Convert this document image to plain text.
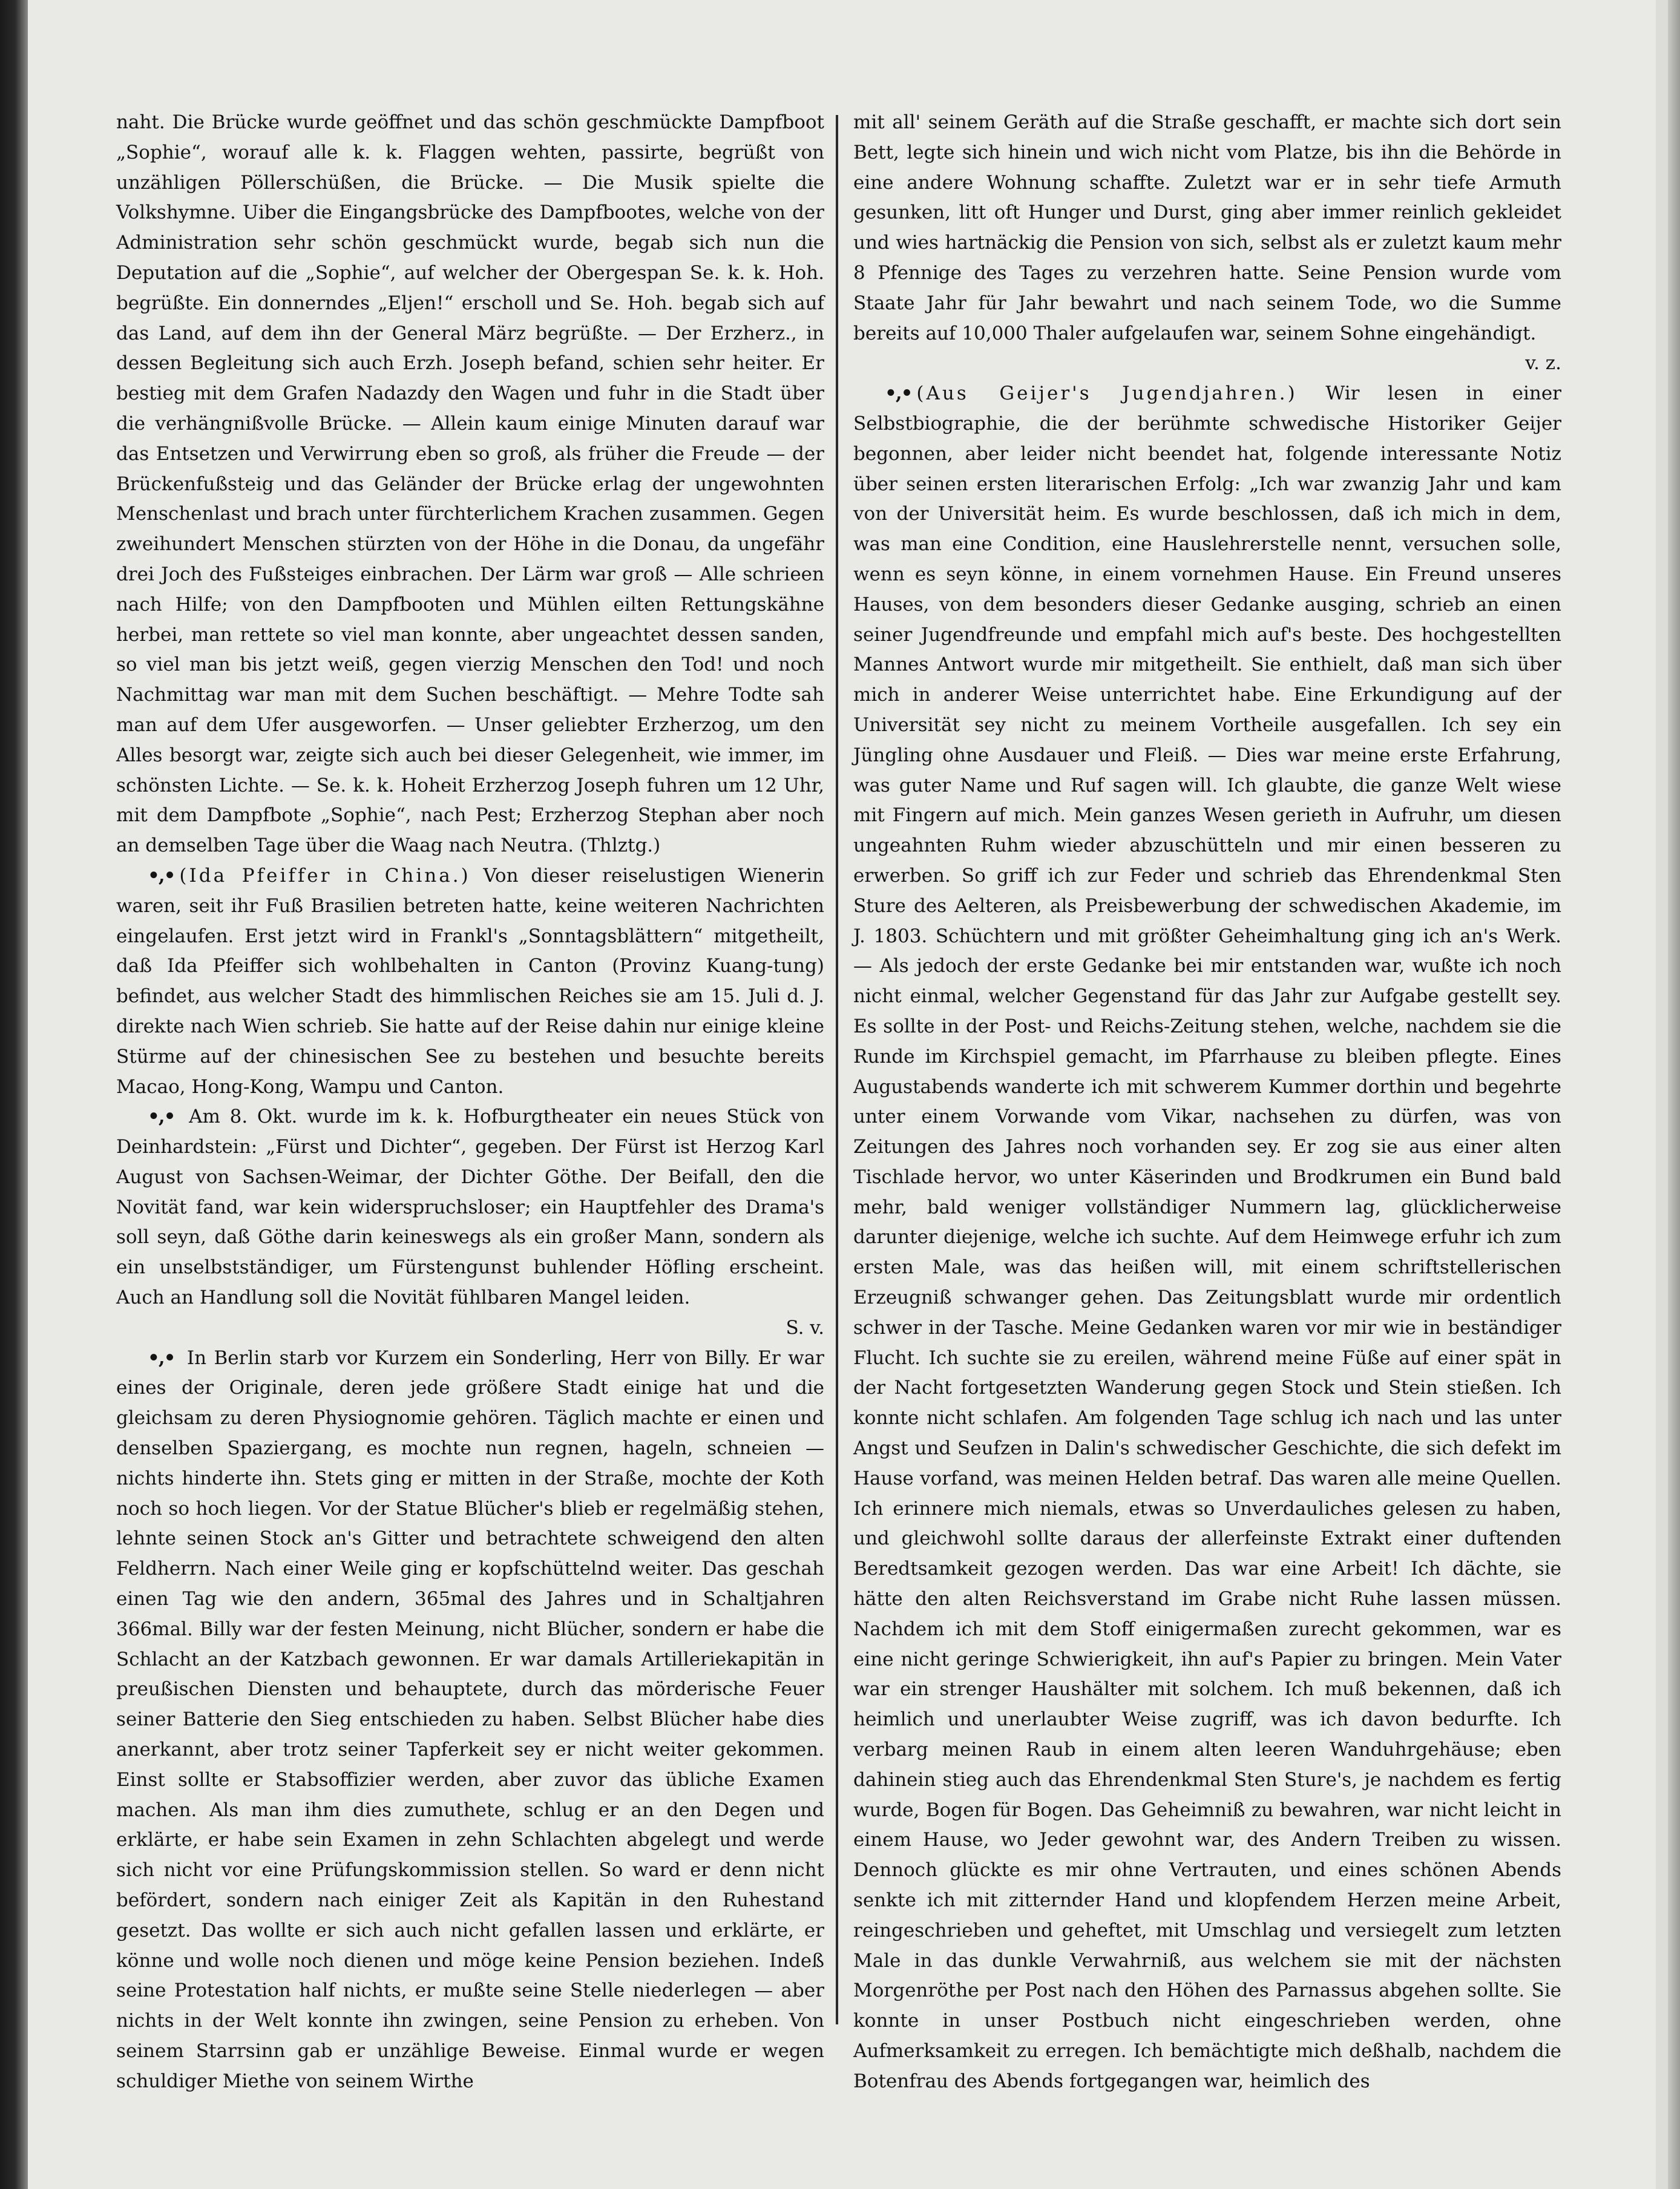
naht. Die Brücke wurde geöffnet und das schön geschmückte Dampfboot „Sophie“, worauf alle k. k. Flaggen wehten, passirte, begrüßt von unzähligen Pöllerschüßen, die Brücke. — Die Musik spielte die Volkshymne. Uiber die Eingangsbrücke des Dampfbootes, welche von der Administration sehr schön geschmückt wurde, begab sich nun die Deputation auf die „Sophie“, auf welcher der Obergespan Se. k. k. Hoh. begrüßte. Ein donnerndes „Eljen!“ erscholl und Se. Hoh. begab sich auf das Land, auf dem ihn der General März begrüßte. — Der Erzherz., in dessen Begleitung sich auch Erzh. Joseph befand, schien sehr heiter. Er bestieg mit dem Grafen Nadazdy den Wagen und fuhr in die Stadt über die verhängnißvolle Brücke. — Allein kaum einige Minuten darauf war das Entsetzen und Verwirrung eben so groß, als früher die Freude — der Brückenfußsteig und das Geländer der Brücke erlag der ungewohnten Menschenlast und brach unter fürchterlichem Krachen zusammen. Gegen zweihundert Menschen stürzten von der Höhe in die Donau, da ungefähr drei Joch des Fußsteiges einbrachen. Der Lärm war groß — Alle schrieen nach Hilfe; von den Dampfbooten und Mühlen eilten Rettungskähne herbei, man rettete so viel man konnte, aber ungeachtet dessen sanden, so viel man bis jetzt weiß, gegen vierzig Menschen den Tod! und noch Nachmittag war man mit dem Suchen beschäftigt. — Mehre Todte sah man auf dem Ufer ausgeworfen. — Unser geliebter Erzherzog, um den Alles besorgt war, zeigte sich auch bei dieser Gelegenheit, wie immer, im schönsten Lichte. — Se. k. k. Hoheit Erzherzog Joseph fuhren um 12 Uhr, mit dem Dampfbote „Sophie“, nach Pest; Erzherzog Stephan aber noch an demselben Tage über die Waag nach Neutra. (Thlztg.)

•,• (Ida Pfeiffer in China.) Von dieser reiselustigen Wienerin waren, seit ihr Fuß Brasilien betreten hatte, keine weiteren Nachrichten eingelaufen. Erst jetzt wird in Frankl's „Sonntagsblättern“ mitgetheilt, daß Ida Pfeiffer sich wohlbehalten in Canton (Provinz Kuang-tung) befindet, aus welcher Stadt des himmlischen Reiches sie am 15. Juli d. J. direkte nach Wien schrieb. Sie hatte auf der Reise dahin nur einige kleine Stürme auf der chinesischen See zu bestehen und besuchte bereits Macao, Hong-Kong, Wampu und Canton.

•,• Am 8. Okt. wurde im k. k. Hofburgtheater ein neues Stück von Deinhardstein: „Fürst und Dichter“, gegeben. Der Fürst ist Herzog Karl August von Sachsen-Weimar, der Dichter Göthe. Der Beifall, den die Novität fand, war kein widerspruchsloser; ein Hauptfehler des Drama's soll seyn, daß Göthe darin keineswegs als ein großer Mann, sondern als ein unselbstständiger, um Fürstengunst buhlender Höfling erscheint. Auch an Handlung soll die Novität fühlbaren Mangel leiden.
S. v.

•,• In Berlin starb vor Kurzem ein Sonderling, Herr von Billy. Er war eines der Originale, deren jede größere Stadt einige hat und die gleichsam zu deren Physiognomie gehören. Täglich machte er einen und denselben Spaziergang, es mochte nun regnen, hageln, schneien — nichts hinderte ihn. Stets ging er mitten in der Straße, mochte der Koth noch so hoch liegen. Vor der Statue Blücher's blieb er regelmäßig stehen, lehnte seinen Stock an's Gitter und betrachtete schweigend den alten Feldherrn. Nach einer Weile ging er kopfschüttelnd weiter. Das geschah einen Tag wie den andern, 365mal des Jahres und in Schaltjahren 366mal. Billy war der festen Meinung, nicht Blücher, sondern er habe die Schlacht an der Katzbach gewonnen. Er war damals Artilleriekapitän in preußischen Diensten und behauptete, durch das mörderische Feuer seiner Batterie den Sieg entschieden zu haben. Selbst Blücher habe dies anerkannt, aber trotz seiner Tapferkeit sey er nicht weiter gekommen. Einst sollte er Stabsoffizier werden, aber zuvor das übliche Examen machen. Als man ihm dies zumuthete, schlug er an den Degen und erklärte, er habe sein Examen in zehn Schlachten abgelegt und werde sich nicht vor eine Prüfungskommission stellen. So ward er denn nicht befördert, sondern nach einiger Zeit als Kapitän in den Ruhestand gesetzt. Das wollte er sich auch nicht gefallen lassen und erklärte, er könne und wolle noch dienen und möge keine Pension beziehen. Indeß seine Protestation half nichts, er mußte seine Stelle niederlegen — aber nichts in der Welt konnte ihn zwingen, seine Pension zu erheben. Von seinem Starrsinn gab er unzählige Beweise. Einmal wurde er wegen schuldiger Miethe von seinem Wirthe

mit all' seinem Geräth auf die Straße geschafft, er machte sich dort sein Bett, legte sich hinein und wich nicht vom Platze, bis ihn die Behörde in eine andere Wohnung schaffte. Zuletzt war er in sehr tiefe Armuth gesunken, litt oft Hunger und Durst, ging aber immer reinlich gekleidet und wies hartnäckig die Pension von sich, selbst als er zuletzt kaum mehr 8 Pfennige des Tages zu verzehren hatte. Seine Pension wurde vom Staate Jahr für Jahr bewahrt und nach seinem Tode, wo die Summe bereits auf 10,000 Thaler aufgelaufen war, seinem Sohne eingehändigt.
v. z.

•,• (Aus Geijer's Jugendjahren.) Wir lesen in einer Selbstbiographie, die der berühmte schwedische Historiker Geijer begonnen, aber leider nicht beendet hat, folgende interessante Notiz über seinen ersten literarischen Erfolg: „Ich war zwanzig Jahr und kam von der Universität heim. Es wurde beschlossen, daß ich mich in dem, was man eine Condition, eine Hauslehrerstelle nennt, versuchen solle, wenn es seyn könne, in einem vornehmen Hause. Ein Freund unseres Hauses, von dem besonders dieser Gedanke ausging, schrieb an einen seiner Jugendfreunde und empfahl mich auf's beste. Des hochgestellten Mannes Antwort wurde mir mitgetheilt. Sie enthielt, daß man sich über mich in anderer Weise unterrichtet habe. Eine Erkundigung auf der Universität sey nicht zu meinem Vortheile ausgefallen. Ich sey ein Jüngling ohne Ausdauer und Fleiß. — Dies war meine erste Erfahrung, was guter Name und Ruf sagen will. Ich glaubte, die ganze Welt wiese mit Fingern auf mich. Mein ganzes Wesen gerieth in Aufruhr, um diesen ungeahnten Ruhm wieder abzuschütteln und mir einen besseren zu erwerben. So griff ich zur Feder und schrieb das Ehrendenkmal Sten Sture des Aelteren, als Preisbewerbung der schwedischen Akademie, im J. 1803. Schüchtern und mit größter Geheimhaltung ging ich an's Werk. — Als jedoch der erste Gedanke bei mir entstanden war, wußte ich noch nicht einmal, welcher Gegenstand für das Jahr zur Aufgabe gestellt sey. Es sollte in der Post- und Reichs-Zeitung stehen, welche, nachdem sie die Runde im Kirchspiel gemacht, im Pfarrhause zu bleiben pflegte. Eines Augustabends wanderte ich mit schwerem Kummer dorthin und begehrte unter einem Vorwande vom Vikar, nachsehen zu dürfen, was von Zeitungen des Jahres noch vorhanden sey. Er zog sie aus einer alten Tischlade hervor, wo unter Käserinden und Brodkrumen ein Bund bald mehr, bald weniger vollständiger Nummern lag, glücklicherweise darunter diejenige, welche ich suchte. Auf dem Heimwege erfuhr ich zum ersten Male, was das heißen will, mit einem schriftstellerischen Erzeugniß schwanger gehen. Das Zeitungsblatt wurde mir ordentlich schwer in der Tasche. Meine Gedanken waren vor mir wie in beständiger Flucht. Ich suchte sie zu ereilen, während meine Füße auf einer spät in der Nacht fortgesetzten Wanderung gegen Stock und Stein stießen. Ich konnte nicht schlafen. Am folgenden Tage schlug ich nach und las unter Angst und Seufzen in Dalin's schwedischer Geschichte, die sich defekt im Hause vorfand, was meinen Helden betraf. Das waren alle meine Quellen. Ich erinnere mich niemals, etwas so Unverdauliches gelesen zu haben, und gleichwohl sollte daraus der allerfeinste Extrakt einer duftenden Beredtsamkeit gezogen werden. Das war eine Arbeit! Ich dächte, sie hätte den alten Reichsverstand im Grabe nicht Ruhe lassen müssen. Nachdem ich mit dem Stoff einigermaßen zurecht gekommen, war es eine nicht geringe Schwierigkeit, ihn auf's Papier zu bringen. Mein Vater war ein strenger Haushälter mit solchem. Ich muß bekennen, daß ich heimlich und unerlaubter Weise zugriff, was ich davon bedurfte. Ich verbarg meinen Raub in einem alten leeren Wanduhrgehäuse; eben dahinein stieg auch das Ehrendenkmal Sten Sture's, je nachdem es fertig wurde, Bogen für Bogen. Das Geheimniß zu bewahren, war nicht leicht in einem Hause, wo Jeder gewohnt war, des Andern Treiben zu wissen. Dennoch glückte es mir ohne Vertrauten, und eines schönen Abends senkte ich mit zitternder Hand und klopfendem Herzen meine Arbeit, reingeschrieben und geheftet, mit Umschlag und versiegelt zum letzten Male in das dunkle Verwahrniß, aus welchem sie mit der nächsten Morgenröthe per Post nach den Höhen des Parnassus abgehen sollte. Sie konnte in unser Postbuch nicht eingeschrieben werden, ohne Aufmerksamkeit zu erregen. Ich bemächtigte mich deßhalb, nachdem die Botenfrau des Abends fortgegangen war, heimlich des
